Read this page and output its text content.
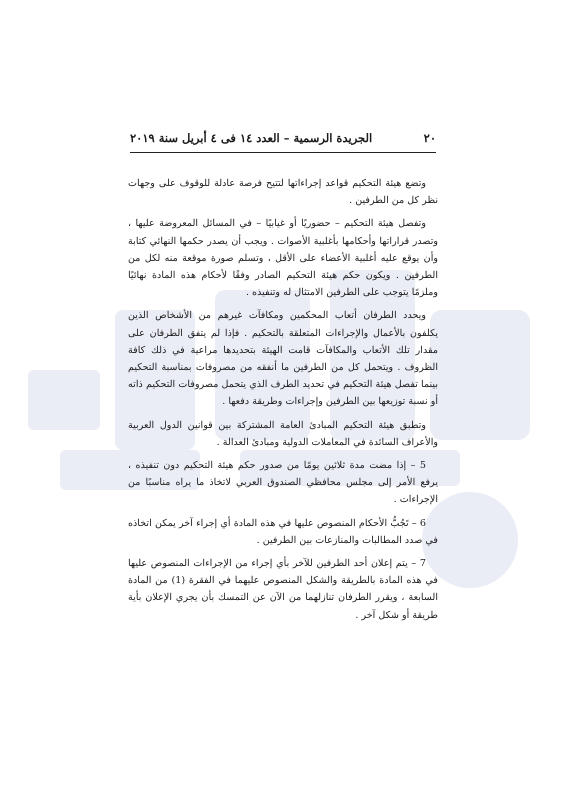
٢٠
الجريدة الرسمية – العدد ١٤ فى ٤ أبريل سنة ٢٠١٩

وتضع هيئة التحكيم قواعد إجراءاتها لتتيح فرصة عادلة للوقوف على وجهات نظر كل من الطرفين .

وتفصل هيئة التحكيم – حضوريًا أو غيابيًا – في المسائل المعروضة عليها ، وتصدر قراراتها وأحكامها بأغلبية الأصوات . ويجب أن يصدر حكمها النهائي كتابة وأن يوقع عليه أغلبية الأعضاء على الأقل ، وتسلم صورة موقعة منه لكل من الطرفين . ويكون حكم هيئة التحكيم الصادر وفقًا لأحكام هذه المادة نهائيًا وملزمًا يتوجب على الطرفين الامتثال له وتنفيذه .

ويحدد الطرفان أتعاب المحكمين ومكافآت غيرهم من الأشخاص الذين يكلفون بالأعمال والإجراءات المتعلقة بالتحكيم . فإذا لم يتفق الطرفان على مقدار تلك الأتعاب والمكافآت قامت الهيئة بتحديدها مراعية في ذلك كافة الظروف . ويتحمل كل من الطرفين ما أنفقه من مصروفات بمناسبة التحكيم بينما تفصل هيئة التحكيم في تحديد الطرف الذي يتحمل مصروفات التحكيم ذاته أو نسبة توزيعها بين الطرفين وإجراءات وطريقة دفعها .

وتطبق هيئة التحكيم المبادئ العامة المشتركة بين قوانين الدول العربية والأعراف السائدة في المعاملات الدولية ومبادئ العدالة .

5 – إذا مضت مدة ثلاثين يومًا من صدور حكم هيئة التحكيم دون تنفيذه ، يرفع الأمر إلى مجلس محافظي الصندوق العربي لاتخاذ ما يراه مناسبًا من الإجراءات .

6 – تَجُبُّ الأحكام المنصوص عليها في هذه المادة أي إجراء آخر يمكن اتخاذه في صدد المطالبات والمنازعات بين الطرفين .

7 – يتم إعلان أحد الطرفين للآخر بأي إجراء من الإجراءات المنصوص عليها في هذه المادة بالطريقة والشكل المنصوص عليهما في الفقرة (1) من المادة السابعة ، ويقرر الطرفان تنازلهما من الآن عن التمسك بأن يجري الإعلان بأية طريقة أو شكل آخر .
